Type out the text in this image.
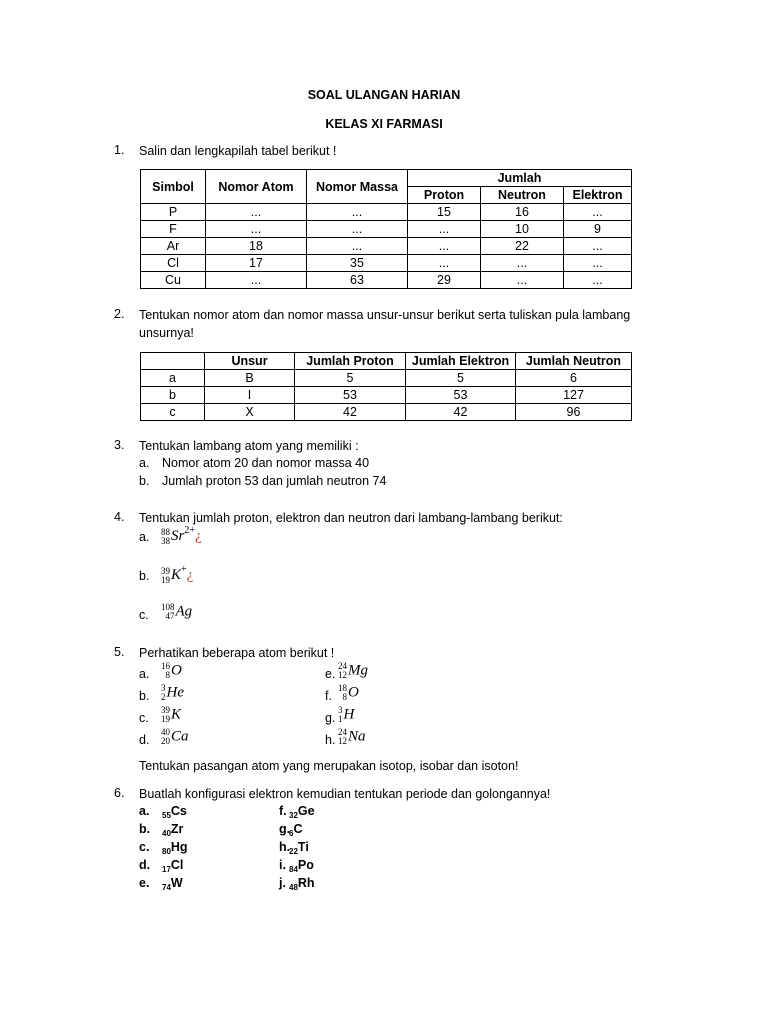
SOAL ULANGAN HARIAN
KELAS XI FARMASI
1. Salin dan lengkapilah tabel berikut !
Simbol	Nomor Atom	Nomor Massa	Jumlah		
			Proton	Neutron	Elektron
P	...	...	15	16	...
F	...	...	...	10	9
Ar	18	...	...	22	...
Cl	17	35	...	...	...
Cu	...	63	29	...	...
2. Tentukan nomor atom dan nomor massa unsur-unsur berikut serta tuliskan pula lambang unsurnya!
	Unsur	Jumlah Proton	Jumlah Elektron	Jumlah Neutron
a	B	5	5	6
b	I	53	53	127
c	X	42	42	96
3. Tentukan lambang atom yang memiliki :
a. Nomor atom 20 dan nomor massa 40
b. Jumlah proton 53 dan jumlah neutron 74
4. Tentukan jumlah proton, elektron dan neutron dari lambang-lambang berikut:
a. 88
38 $Sr^{2+}¿$
b. 39
19 K+¿
c.
108
47 Ag
5. Perhatikan beberapa atom berikut !
a.
16
8 O
b.
3
2 He
c.
39
19 K
d.
40
20 Ca
e.
24
12 Mg
f.
18
8 O
g.
3
1 H
h.
24
12 Na
Tentukan pasangan atom yang merupakan isotop, isobar dan isoton!
6. Buatlah konfigurasi elektron kemudian tentukan periode dan golongannya!
a. $_{55}$Cs
b. $_{40}$Zr
c. $_{80}$Hg
d. $_{17}$Cl
e. $_{74}$W
f. $_{32}$Ge
g.
$_6$C
h.
$_{22}$Ti
i. $_{84}$Po
j. $_{48}$Rh
